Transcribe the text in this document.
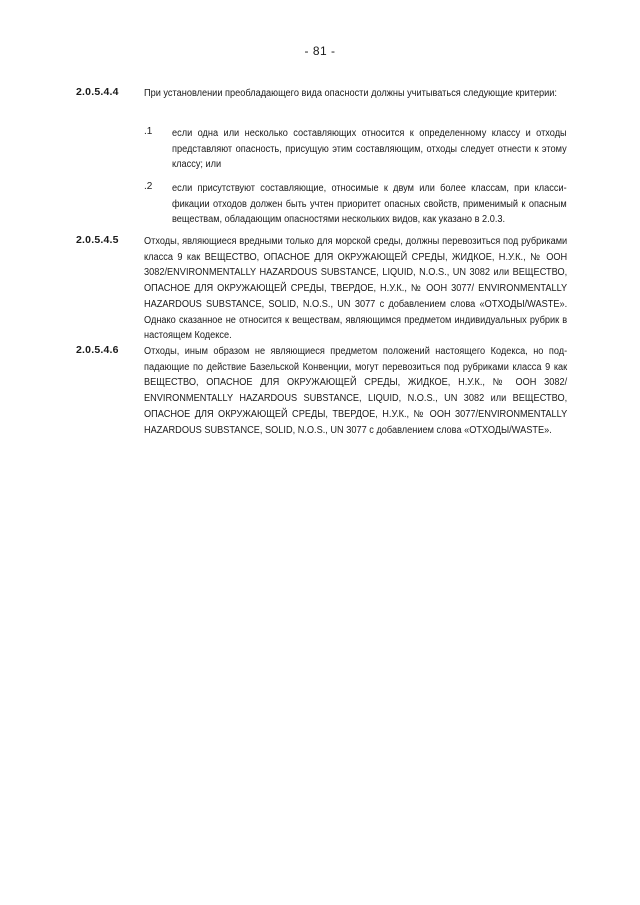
- 81 -
2.0.5.4.4	При установлении преобладающего вида опасности должны учитываться следующие критерии:
.1 если одна или несколько составляющих относится к определенному классу и отходы представляют опасность, присущую этим составляющим, отходы следует отнести к этому классу; или
.2 если присутствуют составляющие, относимые к двум или более классам, при классификации отходов должен быть учтен приоритет опасных свойств, применимый к опасным веществам, обладающим опасностями нескольких видов, как указано в 2.0.3.
2.0.5.4.5	Отходы, являющиеся вредными только для морской среды, должны перевозиться под рубриками класса 9 как ВЕЩЕСТВО, ОПАСНОЕ ДЛЯ ОКРУЖАЮЩЕЙ СРЕДЫ, ЖИДКОЕ, Н.У.К., № ООН 3082/ENVIRONMENTALLY HAZARDOUS SUBSTANCE, LIQUID, N.O.S., UN 3082 или ВЕЩЕСТВО, ОПАСНОЕ ДЛЯ ОКРУЖАЮЩЕЙ СРЕДЫ, ТВЕРДОЕ, Н.У.К., № ООН 3077/ ENVIRONMENTALLY HAZARDOUS SUBSTANCE, SOLID, N.O.S., UN 3077 с добавлением слова «ОТХОДЫ/WASTE». Однако сказанное не относится к веществам, являющимся предметом индивидуальных рубрик в настоящем Кодексе.
2.0.5.4.6	Отходы, иным образом не являющиеся предметом положений настоящего Кодекса, но подпадающие по действие Базельской Конвенции, могут перевозиться под рубриками класса 9 как ВЕЩЕСТВО, ОПАСНОЕ ДЛЯ ОКРУЖАЮЩЕЙ СРЕДЫ, ЖИДКОЕ, Н.У.К., № ООН 3082/ ENVIRONMENTALLY HAZARDOUS SUBSTANCE, LIQUID, N.O.S., UN 3082 или ВЕЩЕСТВО, ОПАСНОЕ ДЛЯ ОКРУЖАЮЩЕЙ СРЕДЫ, ТВЕРДОЕ, Н.У.К., № ООН 3077/ENVIRONMENTALLY HAZARDOUS SUBSTANCE, SOLID, N.O.S., UN 3077 с добавлением слова «ОТХОДЫ/WASTE».
